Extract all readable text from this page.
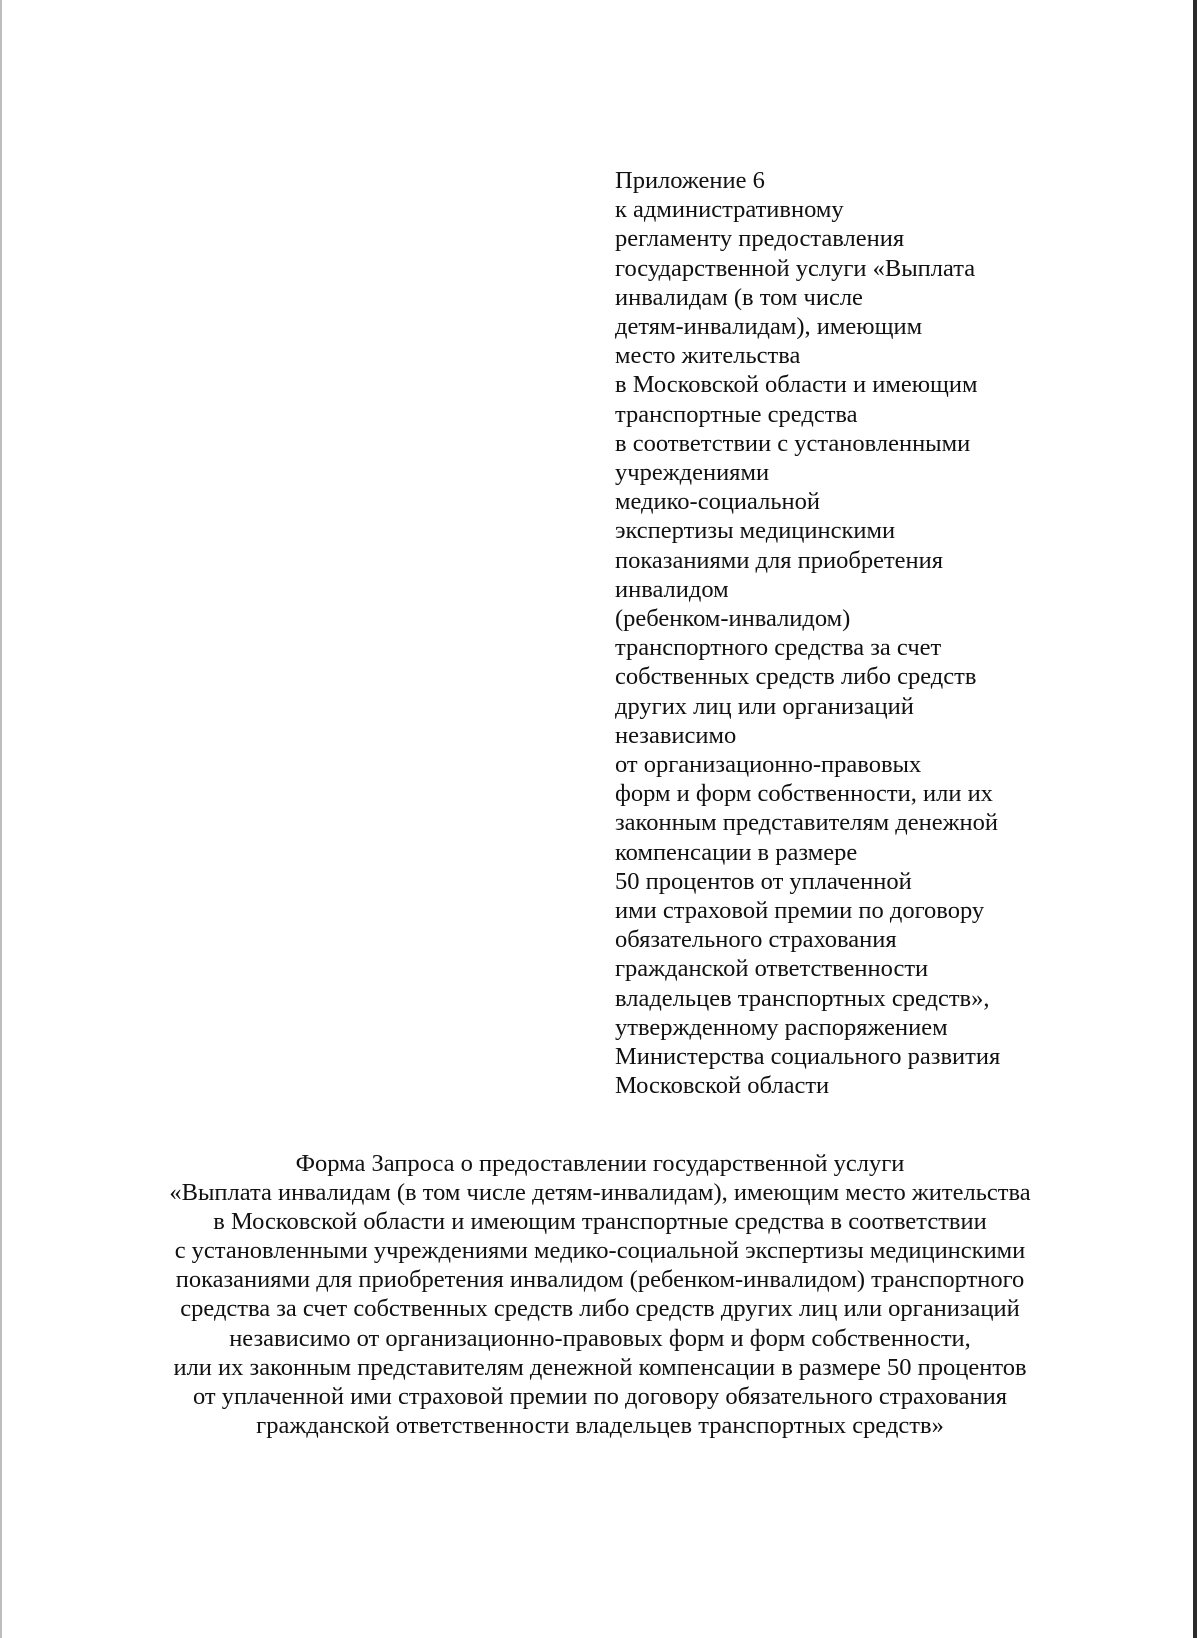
Приложение 6
к административному
регламенту предоставления
государственной услуги «Выплата
инвалидам (в том числе
детям-инвалидам), имеющим
место жительства
в Московской области и имеющим
транспортные средства
в соответствии с установленными
учреждениями
медико-социальной
экспертизы медицинскими
показаниями для приобретения
инвалидом
(ребенком-инвалидом)
транспортного средства за счет
собственных средств либо средств
других лиц или организаций
независимо
от организационно-правовых
форм и форм собственности, или их
законным представителям денежной
компенсации в размере
50 процентов от уплаченной
ими страховой премии по договору
обязательного страхования
гражданской ответственности
владельцев транспортных средств»,
утвержденному распоряжением
Министерства социального развития
Московской области
Форма Запроса о предоставлении государственной услуги
«Выплата инвалидам (в том числе детям-инвалидам), имеющим место жительства
в Московской области и имеющим транспортные средства в соответствии
с установленными учреждениями медико-социальной экспертизы медицинскими
показаниями для приобретения инвалидом (ребенком-инвалидом) транспортного
средства за счет собственных средств либо средств других лиц или организаций
независимо от организационно-правовых форм и форм собственности,
или их законным представителям денежной компенсации в размере 50 процентов
от уплаченной ими страховой премии по договору обязательного страхования
гражданской ответственности владельцев транспортных средств»
